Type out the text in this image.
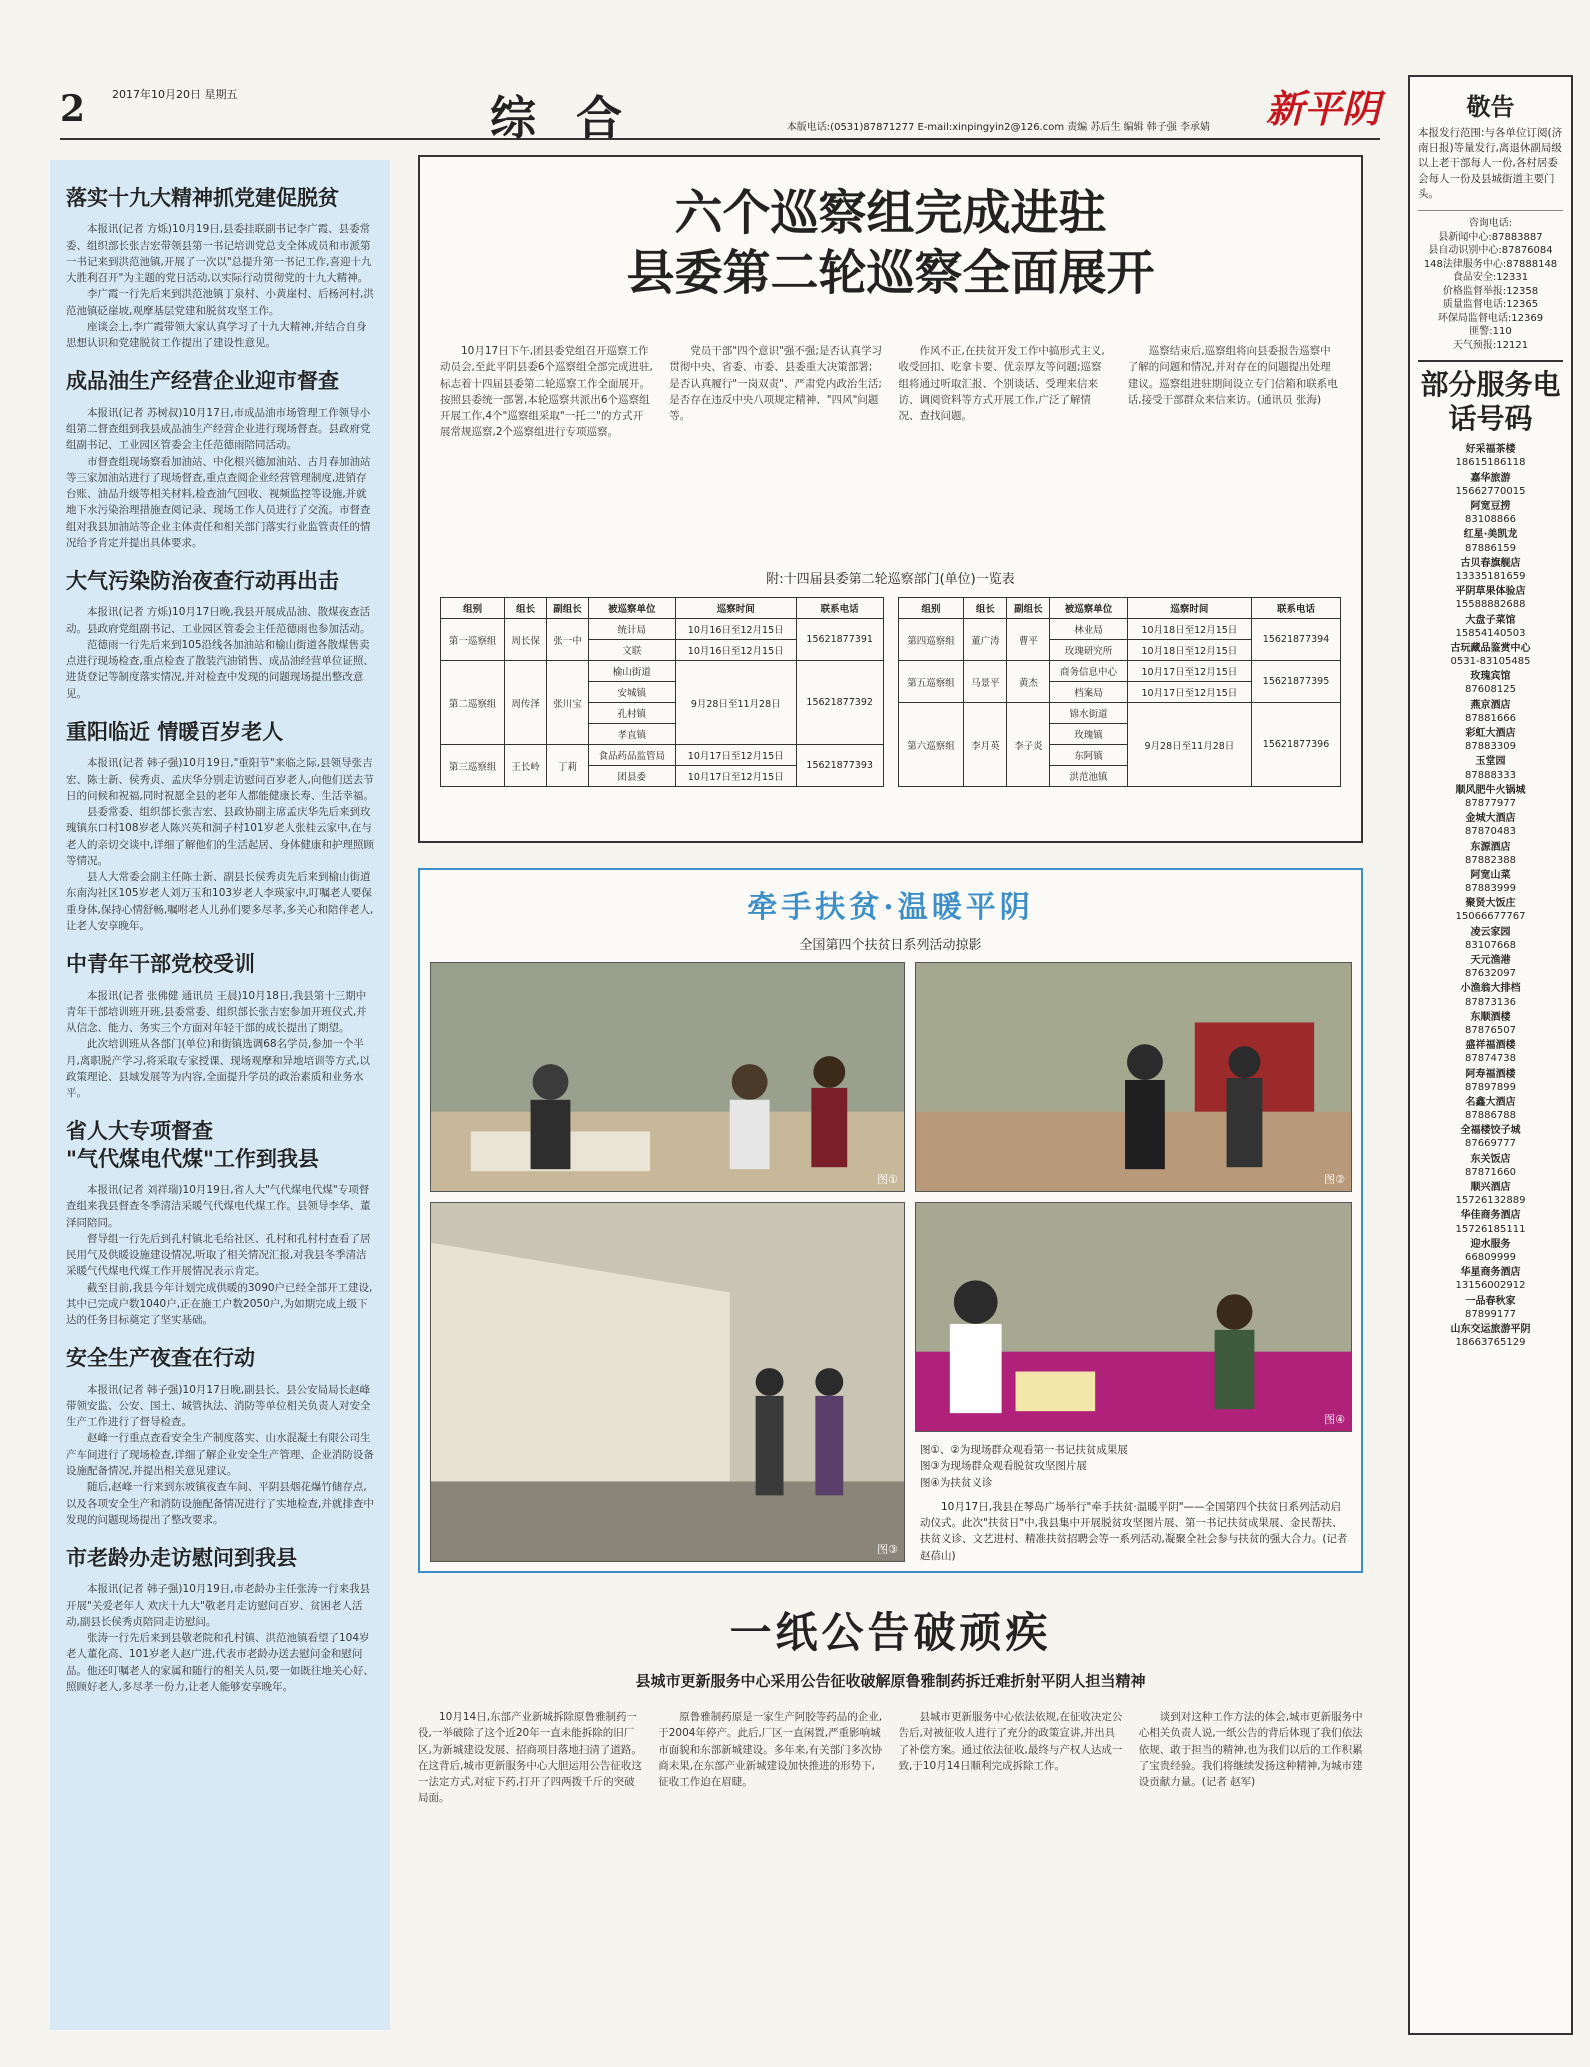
2 2017年10月20日 星期五	综合	本版电话:(0531)87871277 E-mail:xinpingyin2@126.com 责编 苏后生 编辑 韩子强 李承婧 新平阴
落实十九大精神抓党建促脱贫

本报讯(记者 方烁)10月19日,县委挂联副书记李广霞、县委常委、组织部长张吉宏带领县第一书记培训党总支全体成员和市派第一书记来到洪范池镇,开展了一次以"总提升第一书记工作,喜迎十九大胜利召开"为主题的党日活动,以实际行动贯彻党的十九大精神。

李广霞一行先后来到洪范池镇丁泉村、小黄崖村、后杨河村,洪范池镇砭崖坡,观摩基层党建和脱贫攻坚工作。

座谈会上,李广霞带领大家认真学习了十九大精神,并结合自身思想认识和党建脱贫工作提出了建设性意见。

成品油生产经营企业迎市督查

本报讯(记者 苏树叔)10月17日,市成品油市场管理工作领导小组第二督查组到我县成品油生产经营企业进行现场督查。县政府党组副书记、工业园区管委会主任范德雨陪同活动。

市督查组现场察看加油站、中化根兴德加油站、古月春加油站等三家加油站进行了现场督查,重点查阅企业经营管理制度,进销存台账、油品升级等相关材料,检查油气回收、视频监控等设施,并就地下水污染治理措施查阅记录、现场工作人员进行了交流。市督查组对我县加油站等企业主体责任和相关部门落实行业监管责任的情况给予肯定并提出具体要求。

大气污染防治夜查行动再出击

本报讯(记者 方烁)10月17日晚,我县开展成品油、散煤夜查活动。县政府党组副书记、工业园区管委会主任范德雨也参加活动。

范德雨一行先后来到105沿线各加油站和榆山街道各散煤售卖点进行现场检查,重点检查了散装汽油销售、成品油经营单位证照、进货登记等制度落实情况,并对检查中发现的问题现场提出整改意见。

重阳临近 情暖百岁老人

本报讯(记者 韩子强)10月19日,"重阳节"来临之际,县领导张吉宏、陈士新、侯秀贞、孟庆华分别走访慰问百岁老人,向他们送去节日的问候和祝福,同时祝愿全县的老年人都能健康长寿、生活幸福。

县委常委、组织部长张吉宏、县政协副主席孟庆华先后来到玫瑰镇东口村108岁老人陈兴英和洞子村101岁老人张桂云家中,在与老人的亲切交谈中,详细了解他们的生活起居、身体健康和护理照顾等情况。

县人大常委会副主任陈士新、副县长侯秀贞先后来到榆山街道东南沟社区105岁老人刘万玉和103岁老人李瑛家中,叮嘱老人要保重身体,保持心情舒畅,嘱咐老人儿孙们要多尽孝,多关心和陪伴老人,让老人安享晚年。

中青年干部党校受训

本报讯(记者 张佛健 通讯员 王晨)10月18日,我县第十三期中青年干部培训班开班,县委常委、组织部长张吉宏参加开班仪式,并从信念、能力、务实三个方面对年轻干部的成长提出了期望。

此次培训班从各部门(单位)和街镇选调68名学员,参加一个半月,离职脱产学习,将采取专家授课、现场观摩和异地培训等方式,以政策理论、县域发展等为内容,全面提升学员的政治素质和业务水平。

省人大专项督查
"气代煤电代煤"工作到我县

本报讯(记者 刘祥瑞)10月19日,省人大"气代煤电代煤"专项督查组来我县督查冬季清洁采暖气代煤电代煤工作。县领导李华、董泽同陪同。

督导组一行先后到孔村镇北毛给社区、孔村和孔村村查看了居民用气及供暖设施建设情况,听取了相关情况汇报,对我县冬季清洁采暖气代煤电代煤工作开展情况表示肯定。

截至目前,我县今年计划完成供暖的3090户已经全部开工建设,其中已完成户数1040户,正在施工户数2050户,为如期完成上级下达的任务目标奠定了坚实基础。

安全生产夜查在行动

本报讯(记者 韩子强)10月17日晚,副县长、县公安局局长赵峰带领安监、公安、国土、城管执法、消防等单位相关负责人对安全生产工作进行了督导检查。

赵峰一行重点查看安全生产制度落实、山水混凝土有限公司生产车间进行了现场检查,详细了解企业安全生产管理、企业消防设备设施配备情况,并提出相关意见建议。

随后,赵峰一行来到东坡镇夜查车间、平阴县烟花爆竹储存点,以及各项安全生产和消防设施配备情况进行了实地检查,并就排查中发现的问题现场提出了整改要求。

市老龄办走访慰问到我县

本报讯(记者 韩子强)10月19日,市老龄办主任张涛一行来我县开展"关爱老年人 欢庆十九大"敬老月走访慰问百岁、贫困老人活动,副县长侯秀贞陪同走访慰问。

张涛一行先后来到县敬老院和孔村镇、洪范池镇看望了104岁老人董化高、101岁老人赵广进,代表市老龄办送去慰问金和慰问品。他还叮嘱老人的家属和随行的相关人员,要一如既往地关心好、照顾好老人,多尽孝一份力,让老人能够安享晚年。

六个巡察组完成进驻
县委第二轮巡察全面展开

10月17日下午,团县委党组召开巡察工作动员会,至此平阴县委6个巡察组全部完成进驻,标志着十四届县委第二轮巡察工作全面展开。按照县委统一部署,本轮巡察共派出6个巡察组开展工作,4个"巡察组采取"一托二"的方式开展常规巡察,2个巡察组进行专项巡察。

党员干部"四个意识"强不强;是否认真学习贯彻中央、省委、市委、县委重大决策部署;是否认真履行"一岗双责"、严肃党内政治生活;是否存在违反中央八项规定精神、"四风"问题等。

作风不正,在扶贫开发工作中搞形式主义,收受回扣、吃拿卡要、优亲厚友等问题;巡察组将通过听取汇报、个别谈话、受理来信来访、调阅资料等方式开展工作,广泛了解情况、查找问题。

巡察结束后,巡察组将向县委报告巡察中了解的问题和情况,并对存在的问题提出处理建议。巡察组进驻期间设立专门信箱和联系电话,接受干部群众来信来访。(通讯员 张海)

附:十四届县委第二轮巡察部门(单位)一览表
组别	组长	副组长	被巡察单位	巡察时间	联系电话
第一巡察组	周长保	张一中	统计局	10月16日至12月15日	15621877391
			文联	10月16日至12月15日	
第二巡察组	周传泽	张川宝	榆山街道	9月28日至11月28日	15621877392
			安城镇		
			孔村镇		
			孝直镇		
第三巡察组	王长岭	丁莉	食品药品监管局	10月17日至12月15日	15621877393
			团县委	10月17日至12月15日	
组别	组长	副组长	被巡察单位	巡察时间	联系电话
第四巡察组	董广涛	曹平	林业局	10月18日至12月15日	15621877394
			玫瑰研究所	10月18日至12月15日	
第五巡察组	马景平	黄杰	商务信息中心	10月17日至12月15日	15621877395
			档案局	10月17日至12月15日	
第六巡察组	李月英	李子炎	锦水街道	9月28日至11月28日	15621877396
			玫瑰镇		
			东阿镇		
			洪范池镇		
牵手扶贫·温暖平阴
全国第四个扶贫日系列活动掠影
图①	图②
图③
图④
图①、②为现场群众观看第一书记扶贫成果展
图③为现场群众观看脱贫攻坚图片展
图④为扶贫义诊

10月17日,我县在琴岛广场举行"牵手扶贫·温暖平阴"——全国第四个扶贫日系列活动启动仪式。此次"扶贫日"中,我县集中开展脱贫攻坚图片展、第一书记扶贫成果展、金民帮扶、扶贫义诊、文艺进村、精准扶贫招聘会等一系列活动,凝聚全社会参与扶贫的强大合力。(记者 赵蓓山)

一纸公告破顽疾
县城市更新服务中心采用公告征收破解原鲁雅制药拆迁难折射平阴人担当精神

10月14日,东部产业新城拆除原鲁雅制药一役,一举破除了这个近20年一直未能拆除的旧厂区,为新城建设发展、招商项目落地扫清了道路。在这背后,城市更新服务中心大胆运用公告征收这一法定方式,对症下药,打开了四两拨千斤的突破局面。

原鲁雅制药原是一家生产阿胶等药品的企业,于2004年停产。此后,厂区一直闲置,严重影响城市面貌和东部新城建设。多年来,有关部门多次协商未果,在东部产业新城建设加快推进的形势下,征收工作迫在眉睫。

县城市更新服务中心依法依规,在征收决定公告后,对被征收人进行了充分的政策宣讲,并出具了补偿方案。通过依法征收,最终与产权人达成一致,于10月14日顺利完成拆除工作。

谈到对这种工作方法的体会,城市更新服务中心相关负责人说,一纸公告的背后体现了我们依法依规、敢于担当的精神,也为我们以后的工作积累了宝贵经验。我们将继续发扬这种精神,为城市建设贡献力量。(记者 赵军)

敬告
本报发行范围:与各单位订阅(济南日报)等量发行,离退休副局级以上老干部每人一份,各村居委会每人一份及县城街道主要门头。
咨询电话:
县新闻中心:87883887
县自动识别中心:87876084
148法律服务中心:87888148
食品安全:12331
价格监督举报:12358
质量监督电话:12365
环保局监督电话:12369
匪警:110
天气预报:12121
部分服务电话号码
好采福茶楼
18615186118
嘉华旅游
15662770015
阿宽豆捞
83108866
红星·美凯龙
87886159
古贝春旗舰店
13335181659
平阴草果体验店
15588882688
大盘子菜馆
15854140503
古玩藏品鉴赏中心
0531-83105485
玫瑰宾馆
87608125
燕京酒店
87881666
彩虹大酒店
87883309
玉堂园
87888333
顺风肥牛火锅城
87877977
金城大酒店
87870483
东源酒店
87882388
阿宽山菜
87883999
聚贤大饭庄
15066677767
凌云家园
83107668
天元渔港
87632097
小渔翁大排档
87873136
东顺酒楼
87876507
盛祥福酒楼
87874738
阿寿福酒楼
87897899
名鑫大酒店
87886788
全福楼饺子城
87669777
东关饭店
87871660
顺兴酒店
15726132889
华佳商务酒店
15726185111
迎水服务
66809999
华星商务酒店
13156002912
一品春秋家
87899177
山东交运旅游平阴
18663765129
